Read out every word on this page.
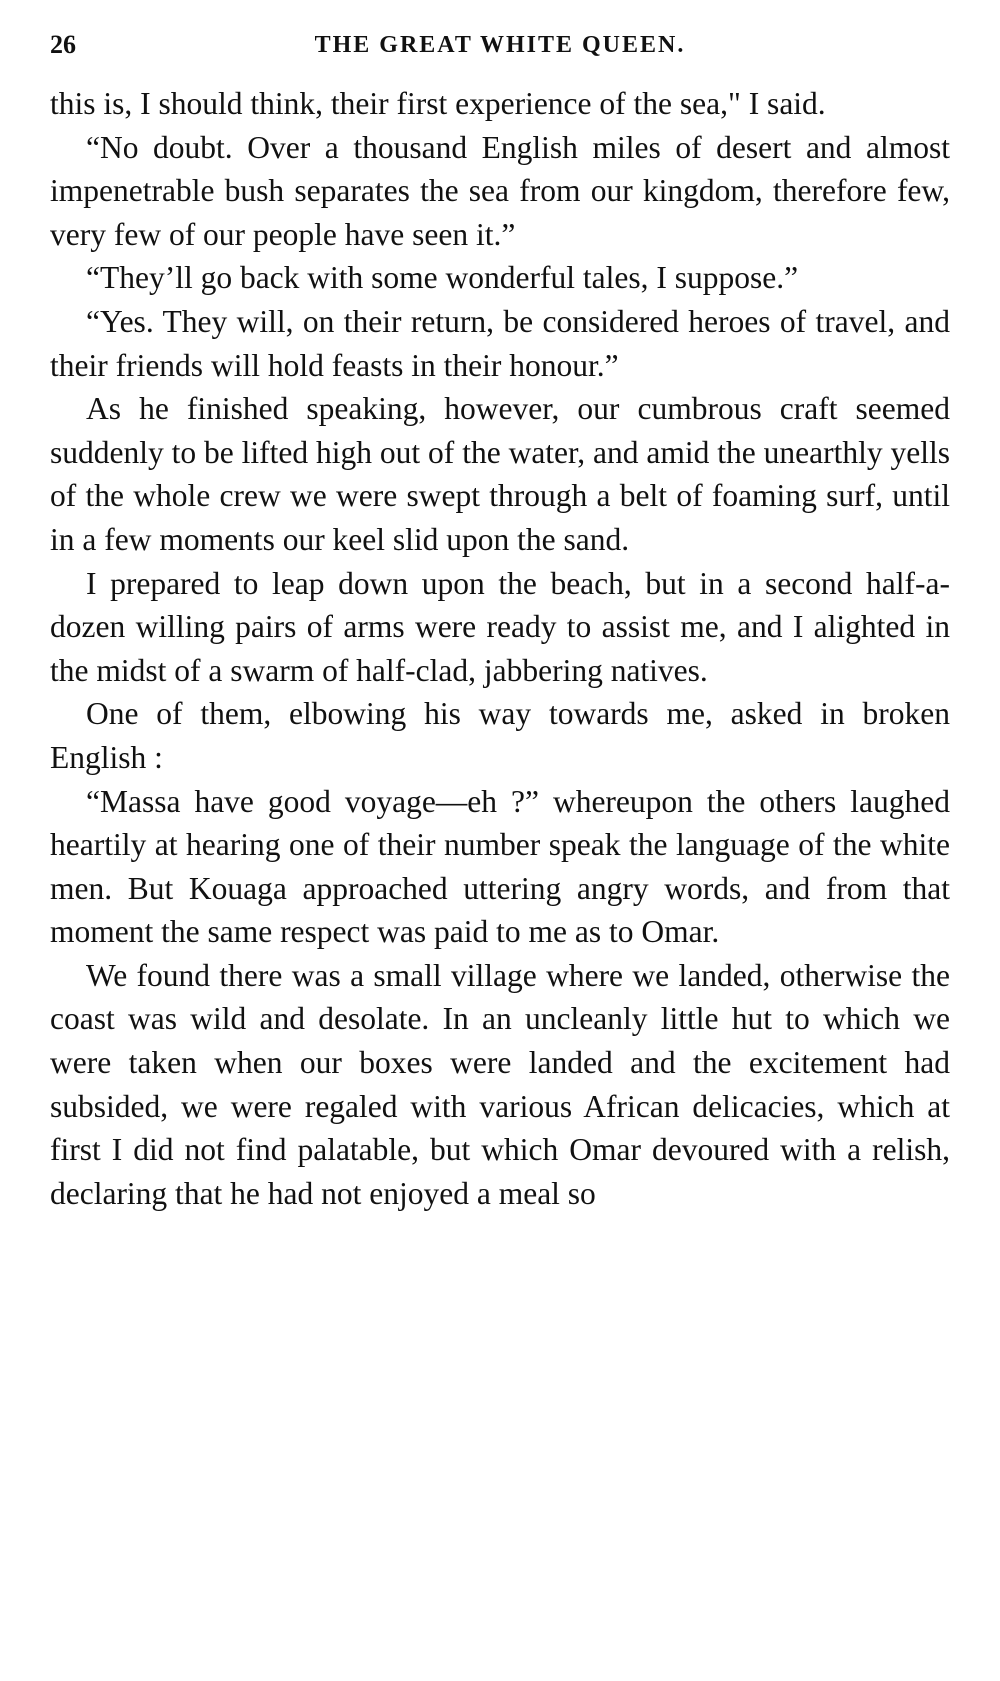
26	THE GREAT WHITE QUEEN.

this is, I should think, their first experience of the sea," I said.

“No doubt. Over a thousand English miles of desert and almost impenetrable bush separates the sea from our kingdom, therefore few, very few of our people have seen it.”

“They’ll go back with some wonderful tales, I suppose.”

“Yes. They will, on their return, be considered heroes of travel, and their friends will hold feasts in their honour.”

As he finished speaking, however, our cumbrous craft seemed suddenly to be lifted high out of the water, and amid the unearthly yells of the whole crew we were swept through a belt of foaming surf, until in a few moments our keel slid upon the sand.

I prepared to leap down upon the beach, but in a second half-a-dozen willing pairs of arms were ready to assist me, and I alighted in the midst of a swarm of half-clad, jabbering natives.

One of them, elbowing his way towards me, asked in broken English :

“Massa have good voyage—eh ?” whereupon the others laughed heartily at hearing one of their number speak the language of the white men. But Kouaga approached uttering angry words, and from that moment the same respect was paid to me as to Omar.

We found there was a small village where we landed, otherwise the coast was wild and desolate. In an uncleanly little hut to which we were taken when our boxes were landed and the excitement had subsided, we were regaled with various African delicacies, which at first I did not find palatable, but which Omar devoured with a relish, declaring that he had not enjoyed a meal so
